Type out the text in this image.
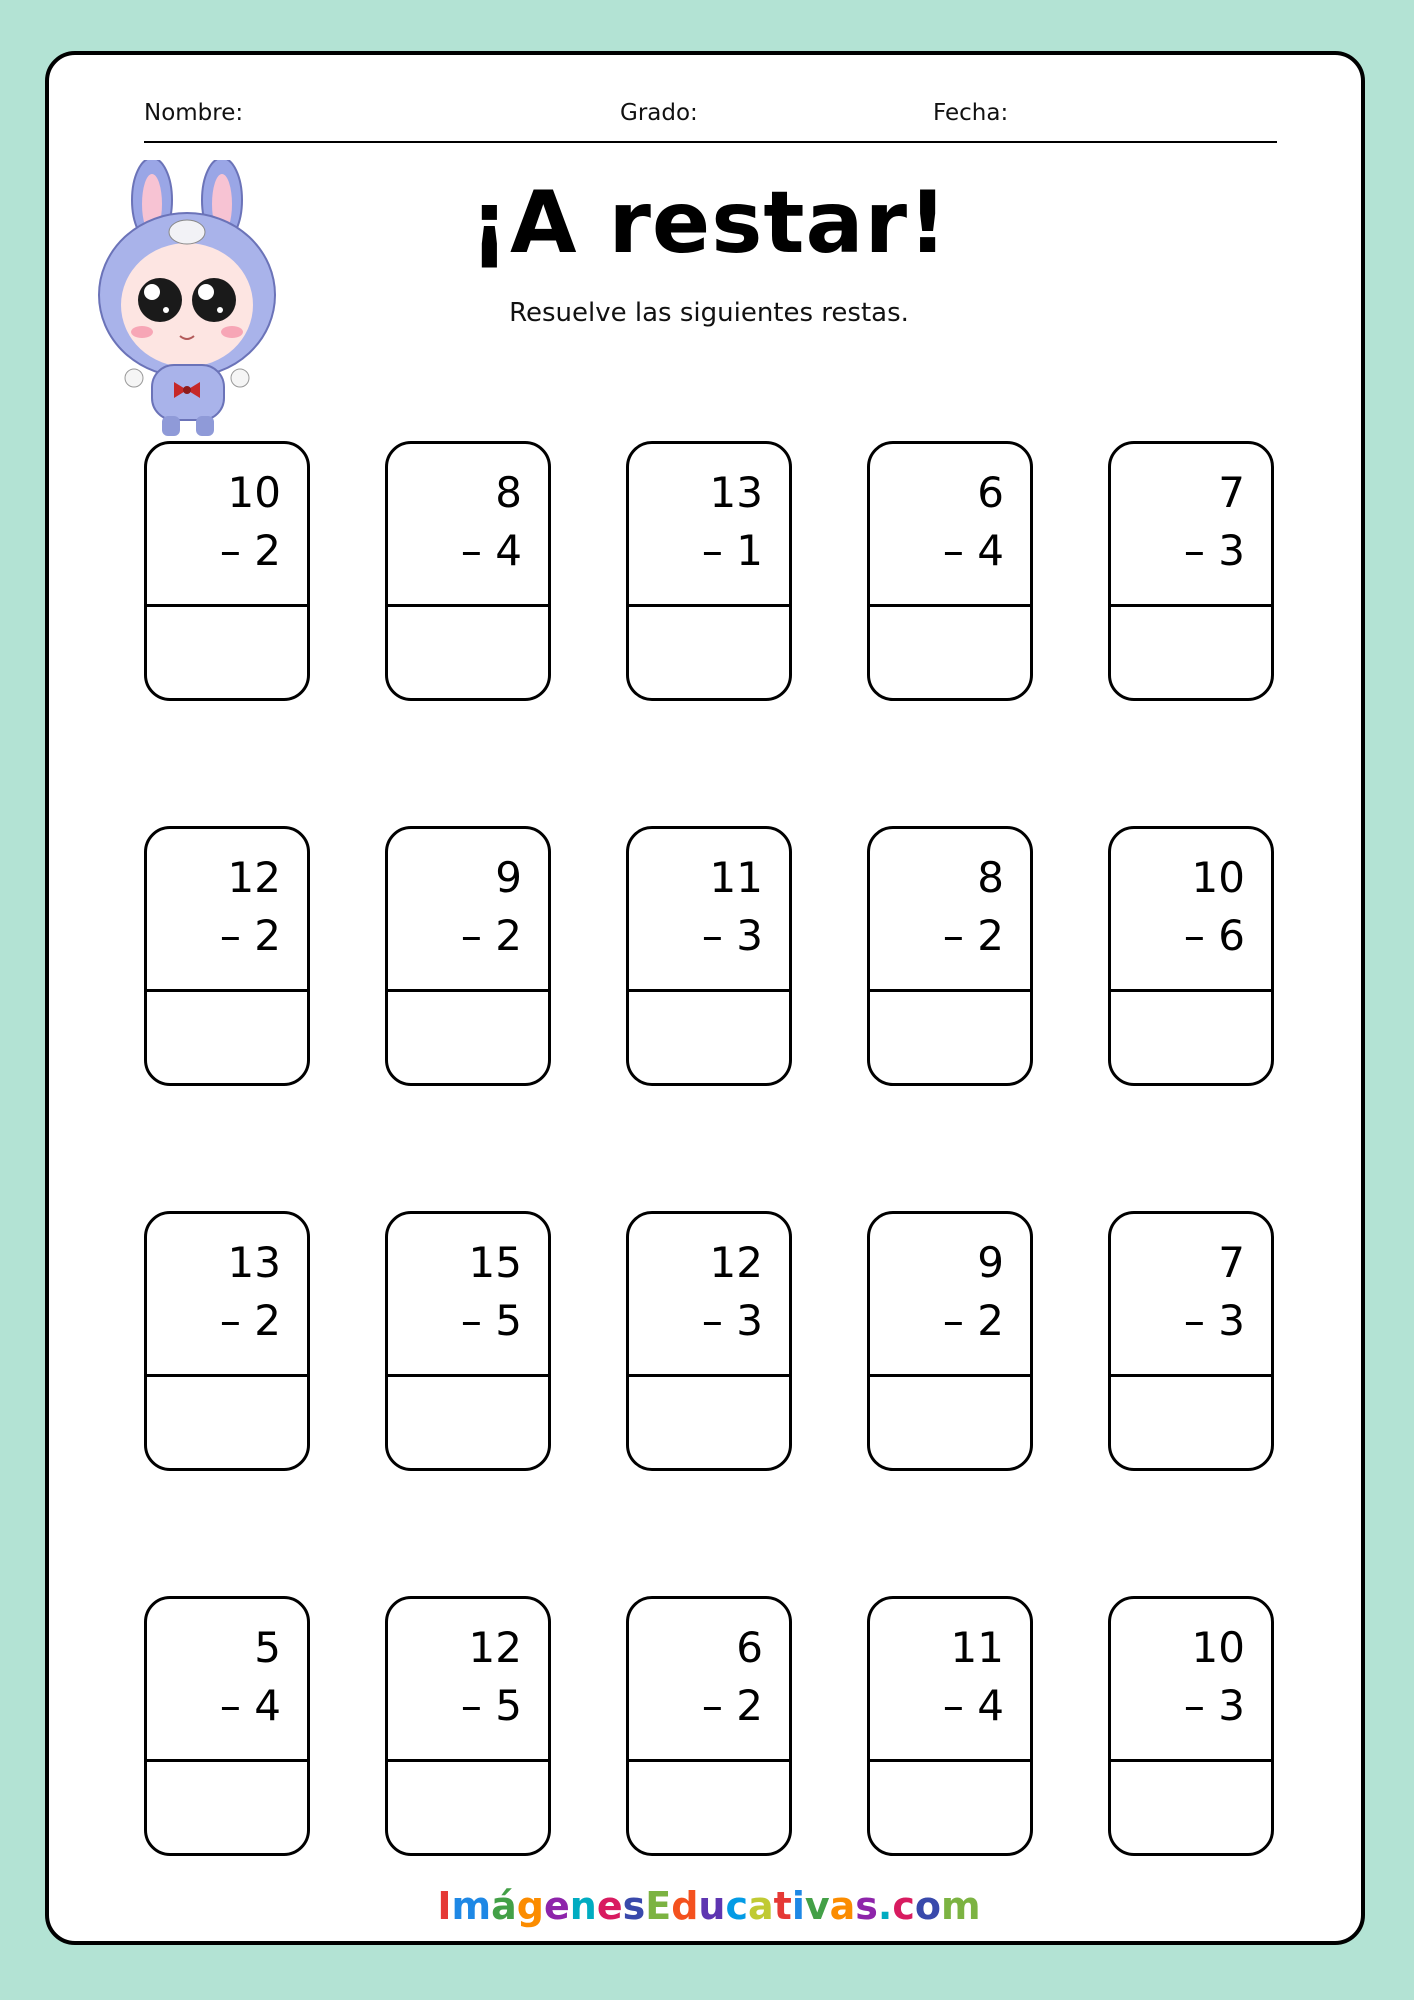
Nombre:	Grado:	Fecha:
¡A restar!
Resuelve las siguientes restas.
10
– 2
8
– 4
13
– 1
6
– 4
7
– 3
12
– 2
9
– 2
11
– 3
8
– 2
10
– 6
13
– 2
15
– 5
12
– 3
9
– 2
7
– 3
5
– 4
12
– 5
6
– 2
11
– 4
10
– 3
ImágenesEducativas.com
